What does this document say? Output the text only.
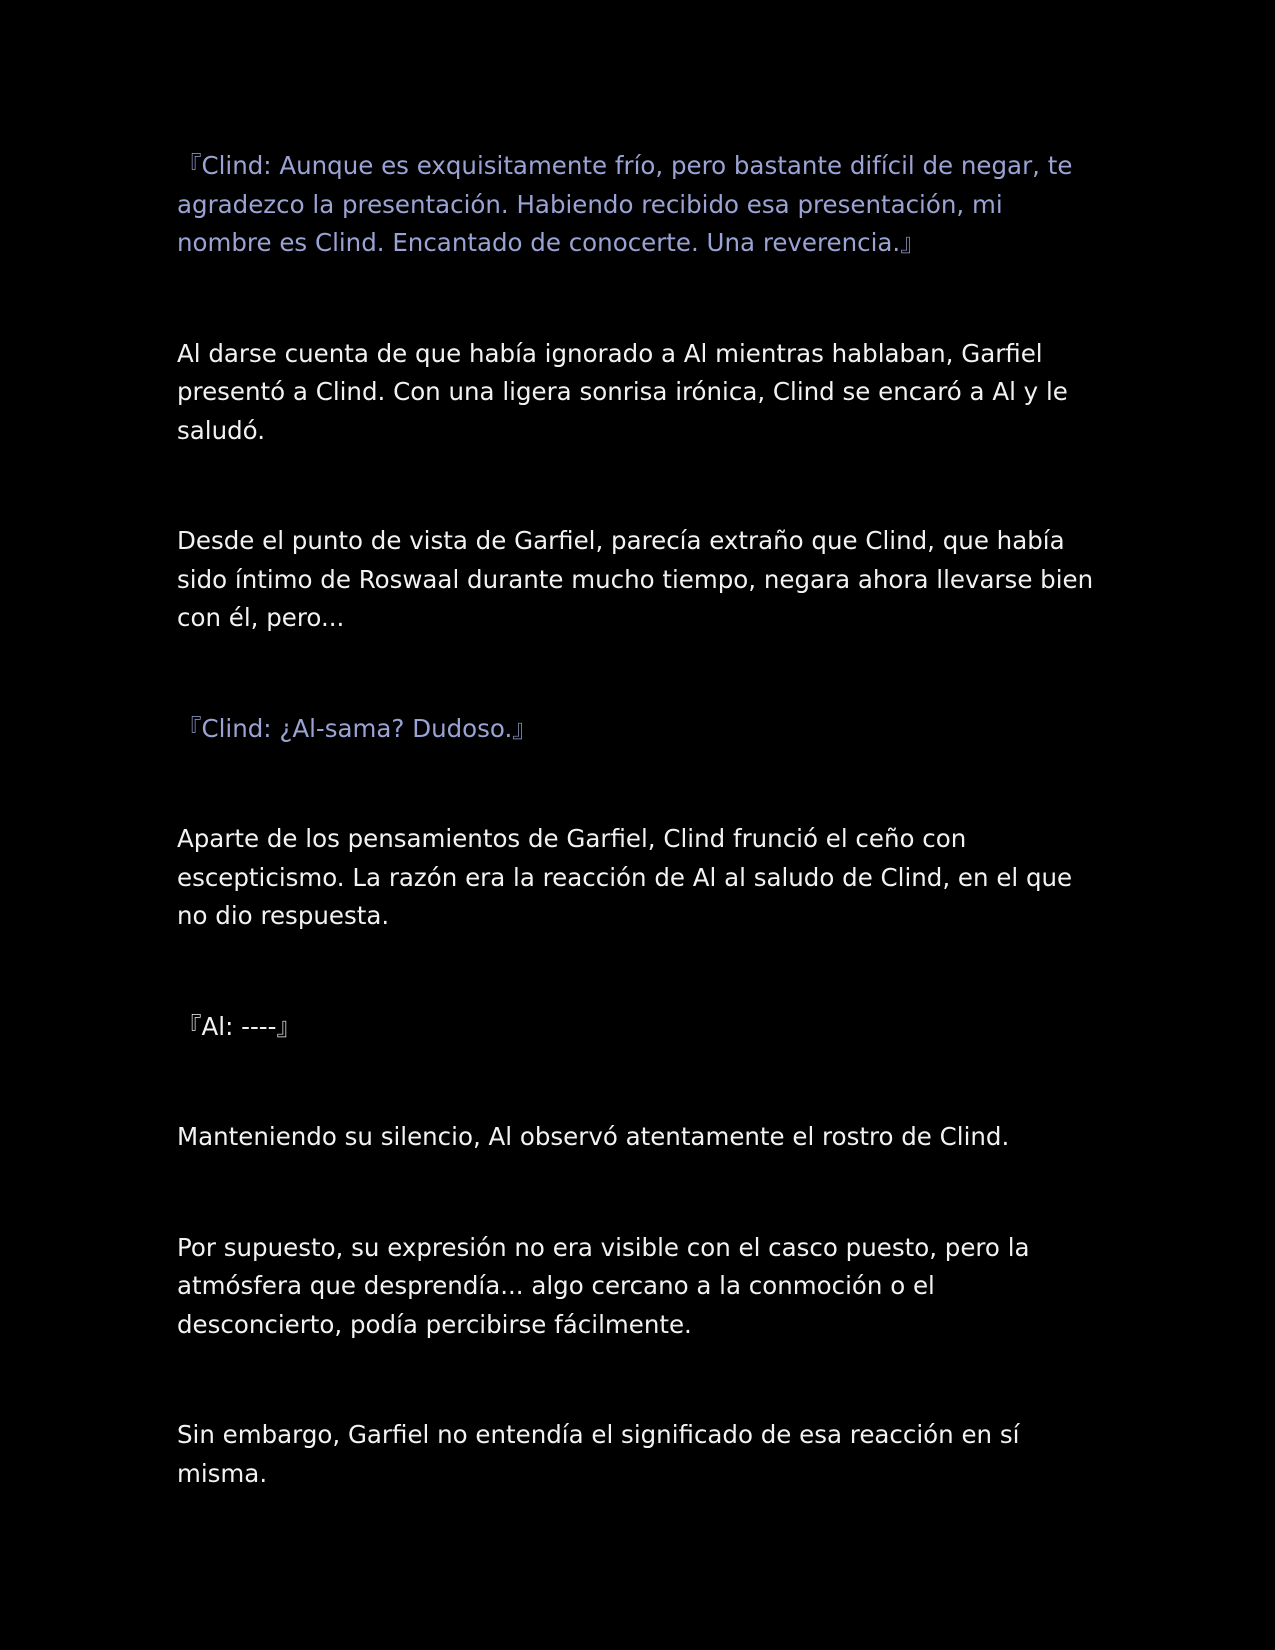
『Clind: Aunque es exquisitamente frío, pero bastante difícil de negar, te agradezco la presentación. Habiendo recibido esa presentación, mi nombre es Clind. Encantado de conocerte. Una reverencia.』

Al darse cuenta de que había ignorado a Al mientras hablaban, Garfiel presentó a Clind. Con una ligera sonrisa irónica, Clind se encaró a Al y le saludó.

Desde el punto de vista de Garfiel, parecía extraño que Clind, que había sido íntimo de Roswaal durante mucho tiempo, negara ahora llevarse bien con él, pero...

『Clind: ¿Al-sama? Dudoso.』

Aparte de los pensamientos de Garfiel, Clind frunció el ceño con escepticismo. La razón era la reacción de Al al saludo de Clind, en el que no dio respuesta.

『Al: ----』

Manteniendo su silencio, Al observó atentamente el rostro de Clind.

Por supuesto, su expresión no era visible con el casco puesto, pero la atmósfera que desprendía... algo cercano a la conmoción o el desconcierto, podía percibirse fácilmente.

Sin embargo, Garfiel no entendía el significado de esa reacción en sí misma.
